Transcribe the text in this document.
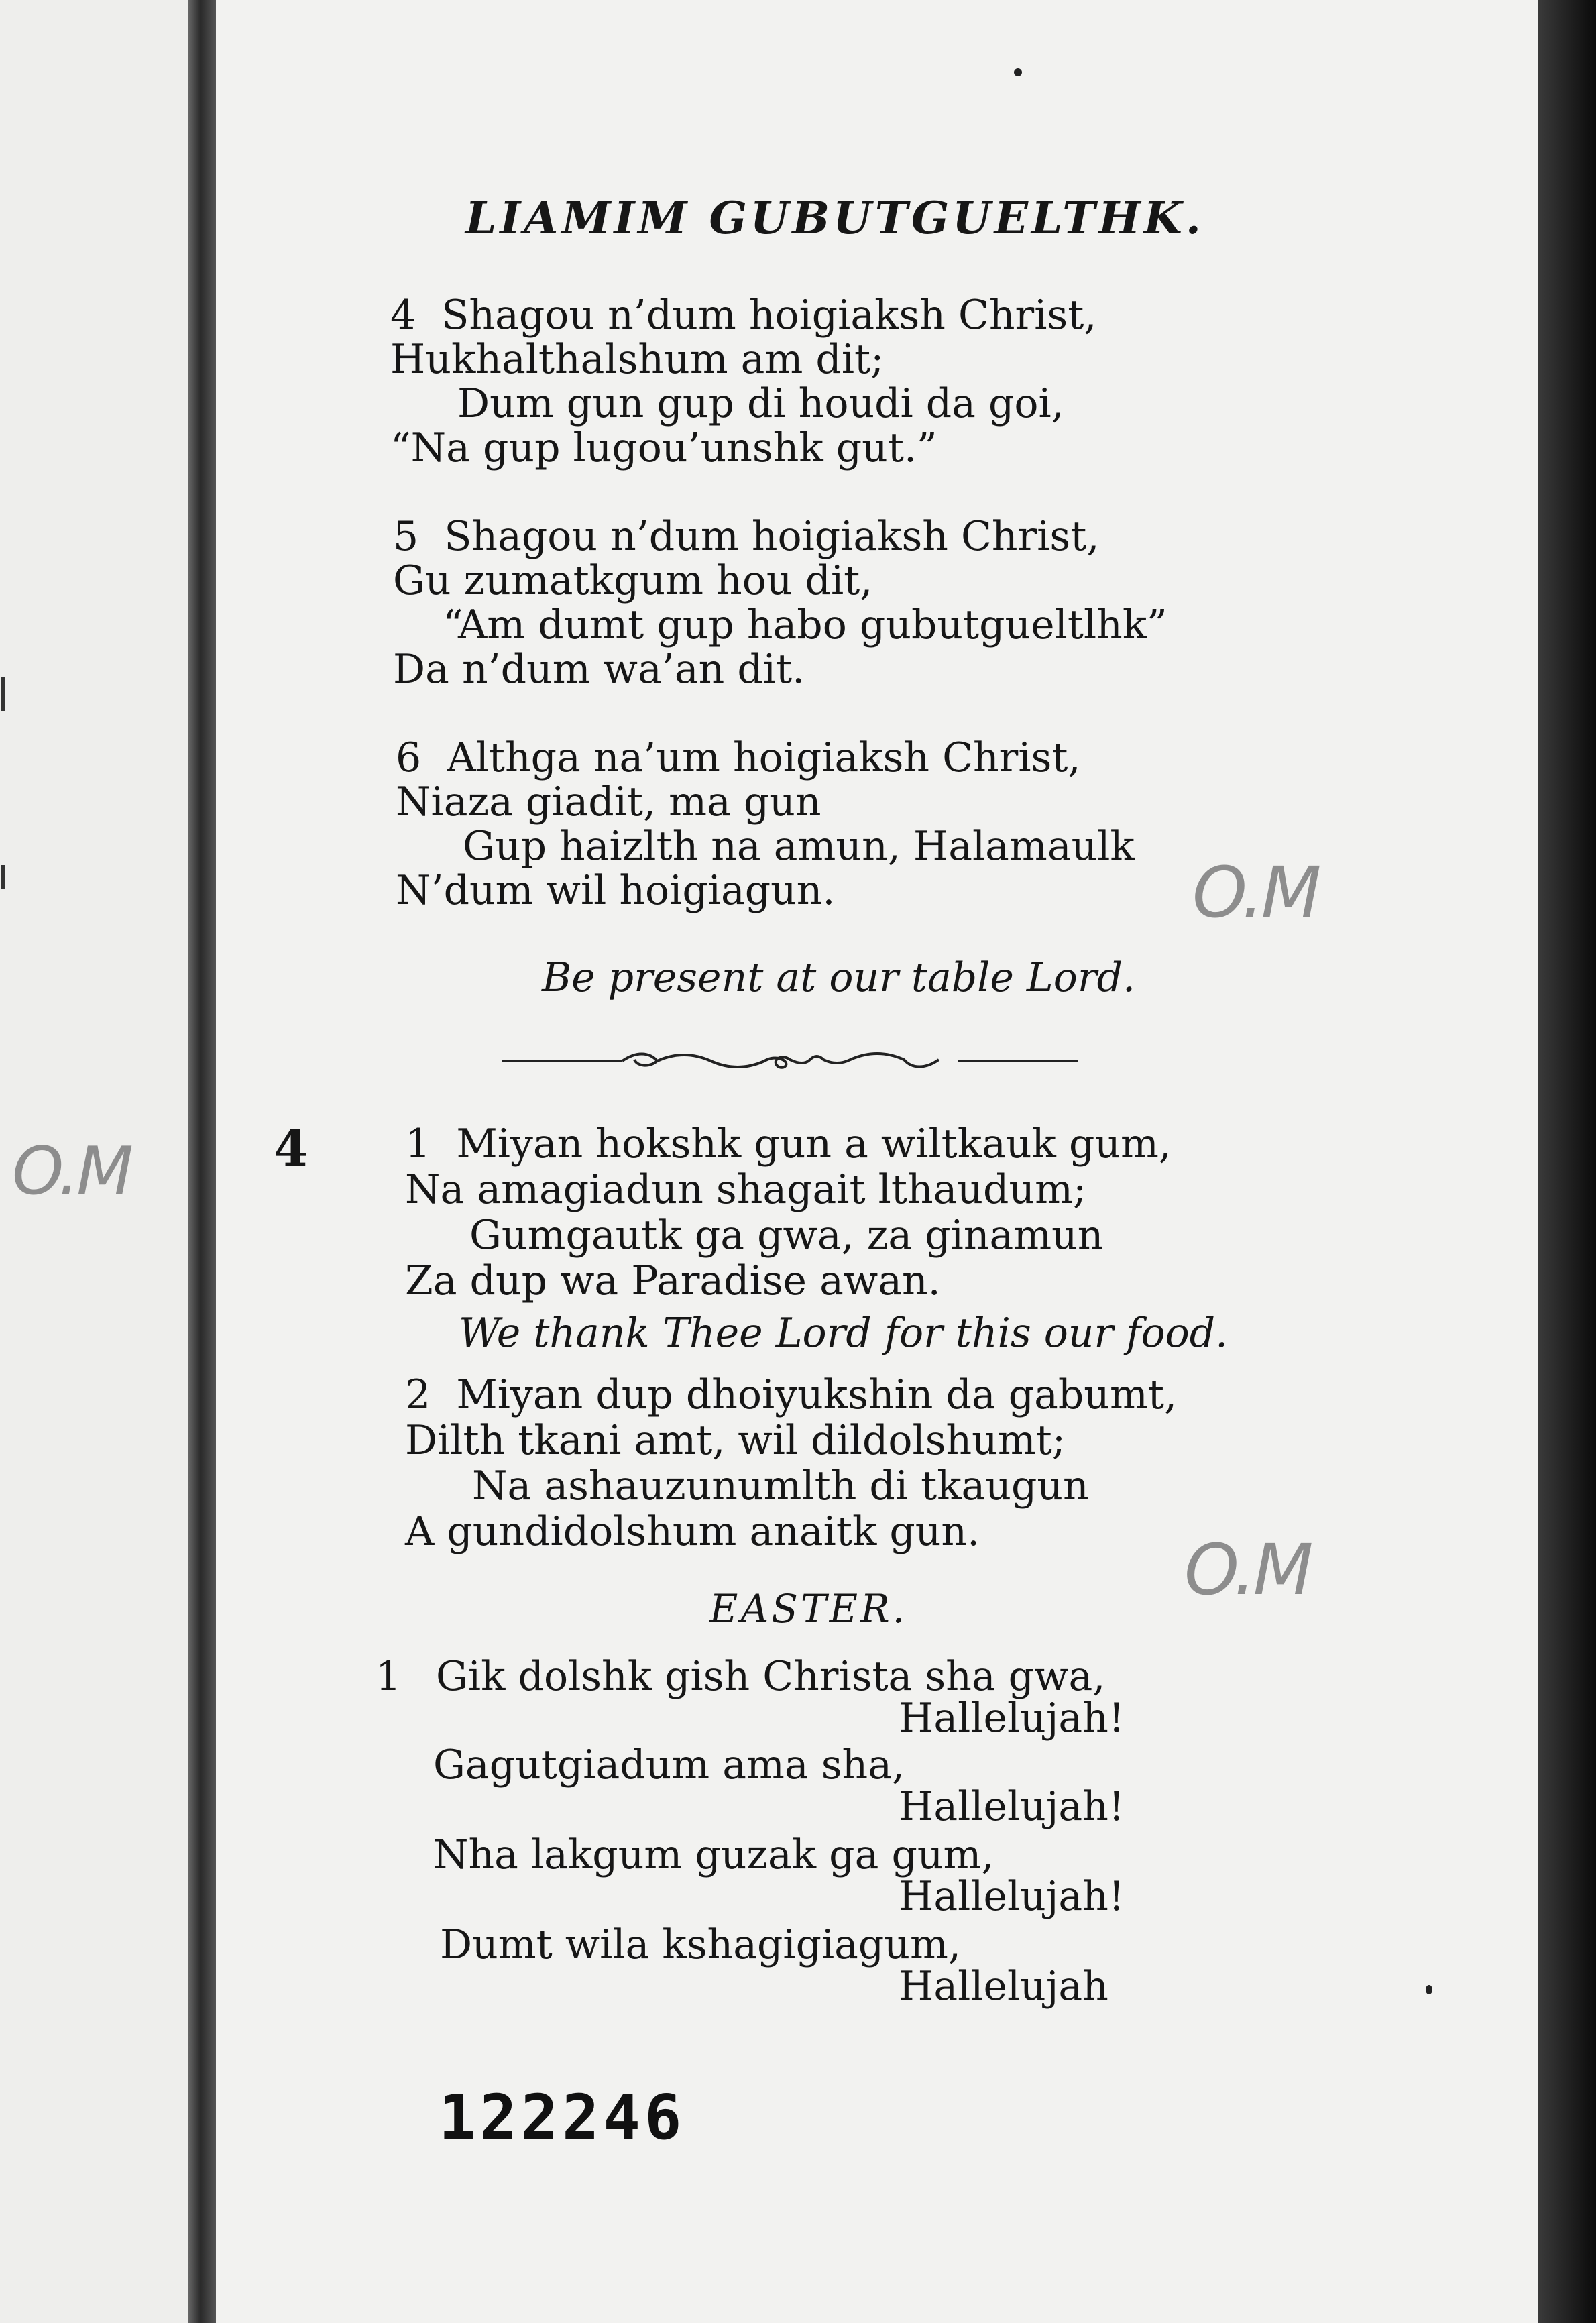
O.M
LIAMIM GUBUTGUELTHK.
4  Shagou n’dum hoigiaksh Christ,
Hukhalthalshum am dit;
Dum gun gup di houdi da goi,
“Na gup lugou’unshk gut.”
5  Shagou n’dum hoigiaksh Christ,
Gu zumatkgum hou dit,
“Am dumt gup habo gubutgueltlhk”
Da n’dum wa’an dit.
6  Althga na’um hoigiaksh Christ,
Niaza giadit, ma gun
Gup haizlth na amun, Halamaulk
N’dum wil hoigiagun.	O.M
Be present at our table Lord.
4 1  Miyan hokshk gun a wiltkauk gum,
Na amagiadun shagait lthaudum;
Gumgautk ga gwa, za ginamun
Za dup wa Paradise awan.
We thank Thee Lord for this our food.
2  Miyan dup dhoiyukshin da gabumt,
Dilth tkani amt, wil dildolshumt;
Na ashauzunumlth di tkaugun
A gundidolshum anaitk gun.	O.M
EASTER.
1 Gik dolshk gish Christa sha gwa,
Hallelujah!
Gagutgiadum ama sha,
Hallelujah!
Nha lakgum guzak ga gum,
Hallelujah!
Dumt wila kshagigiagum,
Hallelujah
122246
